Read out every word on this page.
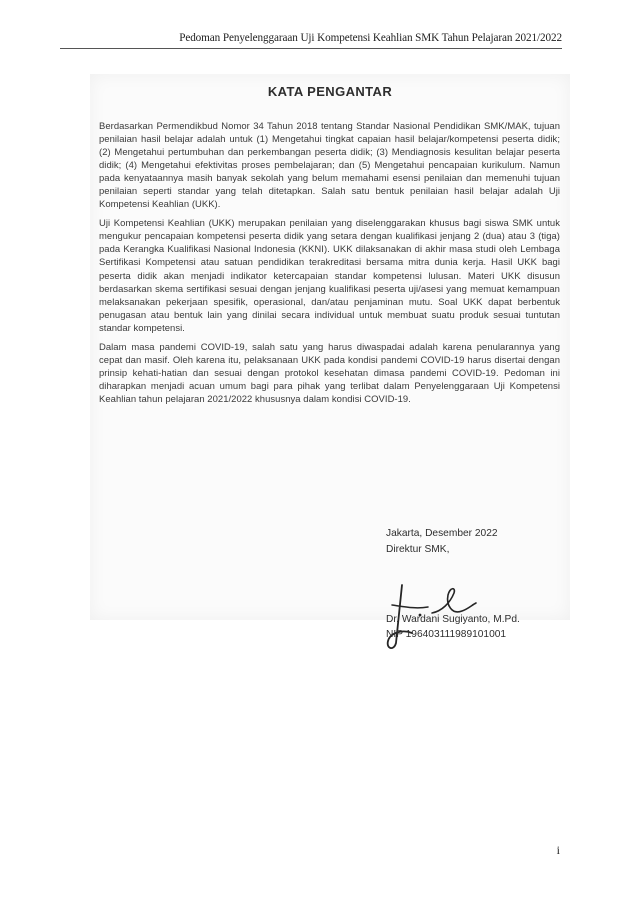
Pedoman Penyelenggaraan Uji Kompetensi Keahlian SMK Tahun Pelajaran 2021/2022
KATA PENGANTAR

Berdasarkan Permendikbud Nomor 34 Tahun 2018 tentang Standar Nasional Pendidikan SMK/MAK, tujuan penilaian hasil belajar adalah untuk (1) Mengetahui tingkat capaian hasil belajar/kompetensi peserta didik; (2) Mengetahui pertumbuhan dan perkembangan peserta didik; (3) Mendiagnosis kesulitan belajar peserta didik; (4) Mengetahui efektivitas proses pembelajaran; dan (5) Mengetahui pencapaian kurikulum. Namun pada kenyataannya masih banyak sekolah yang belum memahami esensi penilaian dan memenuhi tujuan penilaian seperti standar yang telah ditetapkan. Salah satu bentuk penilaian hasil belajar adalah Uji Kompetensi Keahlian (UKK).

Uji Kompetensi Keahlian (UKK) merupakan penilaian yang diselenggarakan khusus bagi siswa SMK untuk mengukur pencapaian kompetensi peserta didik yang setara dengan kualifikasi jenjang 2 (dua) atau 3 (tiga) pada Kerangka Kualifikasi Nasional Indonesia (KKNI). UKK dilaksanakan di akhir masa studi oleh Lembaga Sertifikasi Kompetensi atau satuan pendidikan terakreditasi bersama mitra dunia kerja. Hasil UKK bagi peserta didik akan menjadi indikator ketercapaian standar kompetensi lulusan. Materi UKK disusun berdasarkan skema sertifikasi sesuai dengan jenjang kualifikasi peserta uji/asesi yang memuat kemampuan melaksanakan pekerjaan spesifik, operasional, dan/atau penjaminan mutu. Soal UKK dapat berbentuk penugasan atau bentuk lain yang dinilai secara individual untuk membuat suatu produk sesuai tuntutan standar kompetensi.

Dalam masa pandemi COVID-19, salah satu yang harus diwaspadai adalah karena penularannya yang cepat dan masif. Oleh karena itu, pelaksanaan UKK pada kondisi pandemi COVID-19 harus disertai dengan prinsip kehati-hatian dan sesuai dengan protokol kesehatan dimasa pandemi COVID-19. Pedoman ini diharapkan menjadi acuan umum bagi para pihak yang terlibat dalam Penyelenggaraan Uji Kompetensi Keahlian tahun pelajaran 2021/2022 khususnya dalam kondisi COVID-19.

Jakarta, Desember 2022
Direktur SMK,
Dr. Wardani Sugiyanto, M.Pd.
NIP 196403111989101001
i
